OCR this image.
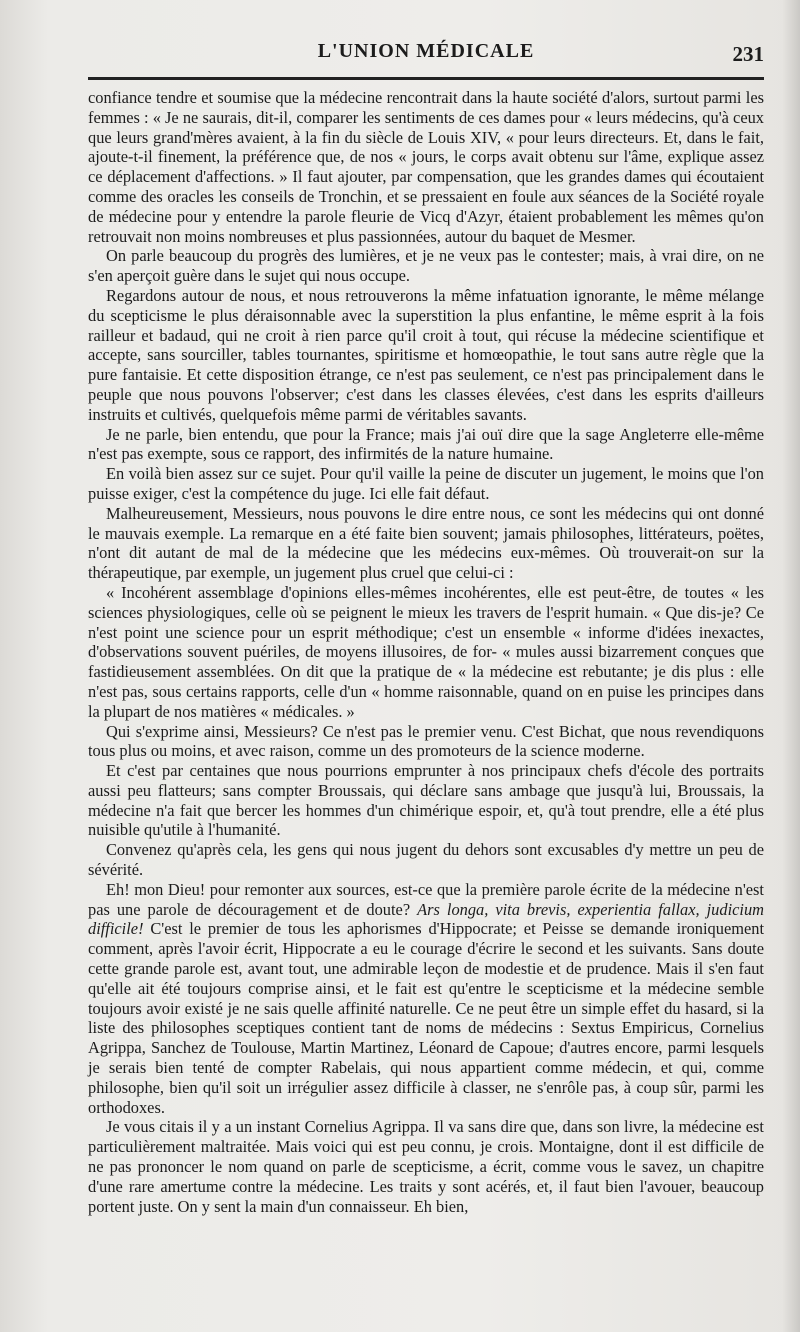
L'UNION MÉDICALE	231

confiance tendre et soumise que la médecine rencontrait dans la haute société d'alors, surtout parmi les femmes : « Je ne saurais, dit-il, comparer les sentiments de ces dames pour « leurs médecins, qu'à ceux que leurs grand'mères avaient, à la fin du siècle de Louis XIV, « pour leurs directeurs. Et, dans le fait, ajoute-t-il finement, la préférence que, de nos « jours, le corps avait obtenu sur l'âme, explique assez ce déplacement d'affections. » Il faut ajouter, par compensation, que les grandes dames qui écoutaient comme des oracles les conseils de Tronchin, et se pressaient en foule aux séances de la Société royale de médecine pour y entendre la parole fleurie de Vicq d'Azyr, étaient probablement les mêmes qu'on retrouvait non moins nombreuses et plus passionnées, autour du baquet de Mesmer.

On parle beaucoup du progrès des lumières, et je ne veux pas le contester; mais, à vrai dire, on ne s'en aperçoit guère dans le sujet qui nous occupe.

Regardons autour de nous, et nous retrouverons la même infatuation ignorante, le même mélange du scepticisme le plus déraisonnable avec la superstition la plus enfantine, le même esprit à la fois railleur et badaud, qui ne croit à rien parce qu'il croit à tout, qui récuse la médecine scientifique et accepte, sans sourciller, tables tournantes, spiritisme et homœopathie, le tout sans autre règle que la pure fantaisie. Et cette disposition étrange, ce n'est pas seulement, ce n'est pas principalement dans le peuple que nous pouvons l'observer; c'est dans les classes élevées, c'est dans les esprits d'ailleurs instruits et cultivés, quelquefois même parmi de véritables savants.

Je ne parle, bien entendu, que pour la France; mais j'ai ouï dire que la sage Angleterre elle-même n'est pas exempte, sous ce rapport, des infirmités de la nature humaine.

En voilà bien assez sur ce sujet. Pour qu'il vaille la peine de discuter un jugement, le moins que l'on puisse exiger, c'est la compétence du juge. Ici elle fait défaut.

Malheureusement, Messieurs, nous pouvons le dire entre nous, ce sont les médecins qui ont donné le mauvais exemple. La remarque en a été faite bien souvent; jamais philosophes, littérateurs, poëtes, n'ont dit autant de mal de la médecine que les médecins eux-mêmes. Où trouverait-on sur la thérapeutique, par exemple, un jugement plus cruel que celui-ci :

« Incohérent assemblage d'opinions elles-mêmes incohérentes, elle est peut-être, de toutes « les sciences physiologiques, celle où se peignent le mieux les travers de l'esprit humain. « Que dis-je? Ce n'est point une science pour un esprit méthodique; c'est un ensemble « informe d'idées inexactes, d'observations souvent puériles, de moyens illusoires, de for- « mules aussi bizarrement conçues que fastidieusement assemblées. On dit que la pratique de « la médecine est rebutante; je dis plus : elle n'est pas, sous certains rapports, celle d'un « homme raisonnable, quand on en puise les principes dans la plupart de nos matières « médicales. »

Qui s'exprime ainsi, Messieurs? Ce n'est pas le premier venu. C'est Bichat, que nous revendiquons tous plus ou moins, et avec raison, comme un des promoteurs de la science moderne.

Et c'est par centaines que nous pourrions emprunter à nos principaux chefs d'école des portraits aussi peu flatteurs; sans compter Broussais, qui déclare sans ambage que jusqu'à lui, Broussais, la médecine n'a fait que bercer les hommes d'un chimérique espoir, et, qu'à tout prendre, elle a été plus nuisible qu'utile à l'humanité.

Convenez qu'après cela, les gens qui nous jugent du dehors sont excusables d'y mettre un peu de sévérité.

Eh! mon Dieu! pour remonter aux sources, est-ce que la première parole écrite de la médecine n'est pas une parole de découragement et de doute? Ars longa, vita brevis, experientia fallax, judicium difficile! C'est le premier de tous les aphorismes d'Hippocrate; et Peisse se demande ironiquement comment, après l'avoir écrit, Hippocrate a eu le courage d'écrire le second et les suivants. Sans doute cette grande parole est, avant tout, une admirable leçon de modestie et de prudence. Mais il s'en faut qu'elle ait été toujours comprise ainsi, et le fait est qu'entre le scepticisme et la médecine semble toujours avoir existé je ne sais quelle affinité naturelle. Ce ne peut être un simple effet du hasard, si la liste des philosophes sceptiques contient tant de noms de médecins : Sextus Empiricus, Cornelius Agrippa, Sanchez de Toulouse, Martin Martinez, Léonard de Capoue; d'autres encore, parmi lesquels je serais bien tenté de compter Rabelais, qui nous appartient comme médecin, et qui, comme philosophe, bien qu'il soit un irrégulier assez difficile à classer, ne s'enrôle pas, à coup sûr, parmi les orthodoxes.

Je vous citais il y a un instant Cornelius Agrippa. Il va sans dire que, dans son livre, la médecine est particulièrement maltraitée. Mais voici qui est peu connu, je crois. Montaigne, dont il est difficile de ne pas prononcer le nom quand on parle de scepticisme, a écrit, comme vous le savez, un chapitre d'une rare amertume contre la médecine. Les traits y sont acérés, et, il faut bien l'avouer, beaucoup portent juste. On y sent la main d'un connaisseur. Eh bien,
